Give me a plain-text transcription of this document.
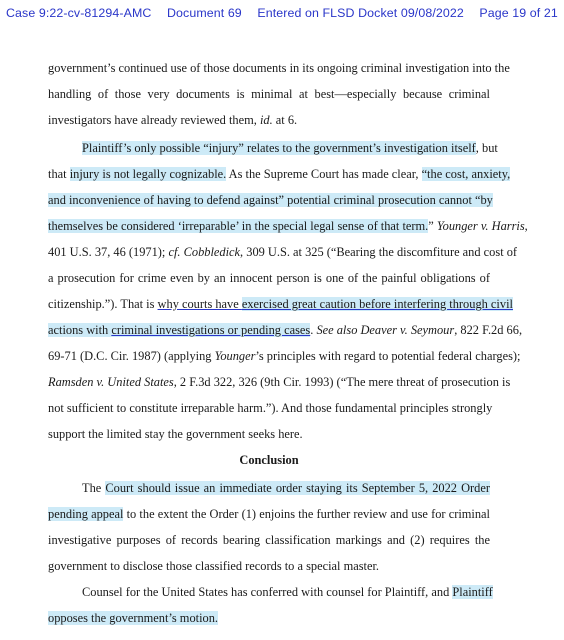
Case 9:22-cv-81294-AMC Document 69 Entered on FLSD Docket 09/08/2022 Page 19 of 21
government’s continued use of those documents in its ongoing criminal investigation into the
handling of those very documents is minimal at best—especially because criminal
investigators have already reviewed them, id. at 6.
Plaintiff’s only possible “injury” relates to the government’s investigation itself, but
that injury is not legally cognizable. As the Supreme Court has made clear, “the cost, anxiety,
and inconvenience of having to defend against” potential criminal prosecution cannot “by
themselves be considered ‘irreparable’ in the special legal sense of that term.” Younger v. Harris,
401 U.S. 37, 46 (1971); cf. Cobbledick, 309 U.S. at 325 (“Bearing the discomfiture and cost of
a prosecution for crime even by an innocent person is one of the painful obligations of
citizenship.”). That is why courts have exercised great caution before interfering through civil
actions with criminal investigations or pending cases. See also Deaver v. Seymour, 822 F.2d 66,
69-71 (D.C. Cir. 1987) (applying Younger’s principles with regard to potential federal charges);
Ramsden v. United States, 2 F.3d 322, 326 (9th Cir. 1993) (“The mere threat of prosecution is
not sufficient to constitute irreparable harm.”). And those fundamental principles strongly
support the limited stay the government seeks here.
Conclusion
The Court should issue an immediate order staying its September 5, 2022 Order
pending appeal to the extent the Order (1) enjoins the further review and use for criminal
investigative purposes of records bearing classification markings and (2) requires the
government to disclose those classified records to a special master.
Counsel for the United States has conferred with counsel for Plaintiff, and Plaintiff
opposes the government’s motion.
